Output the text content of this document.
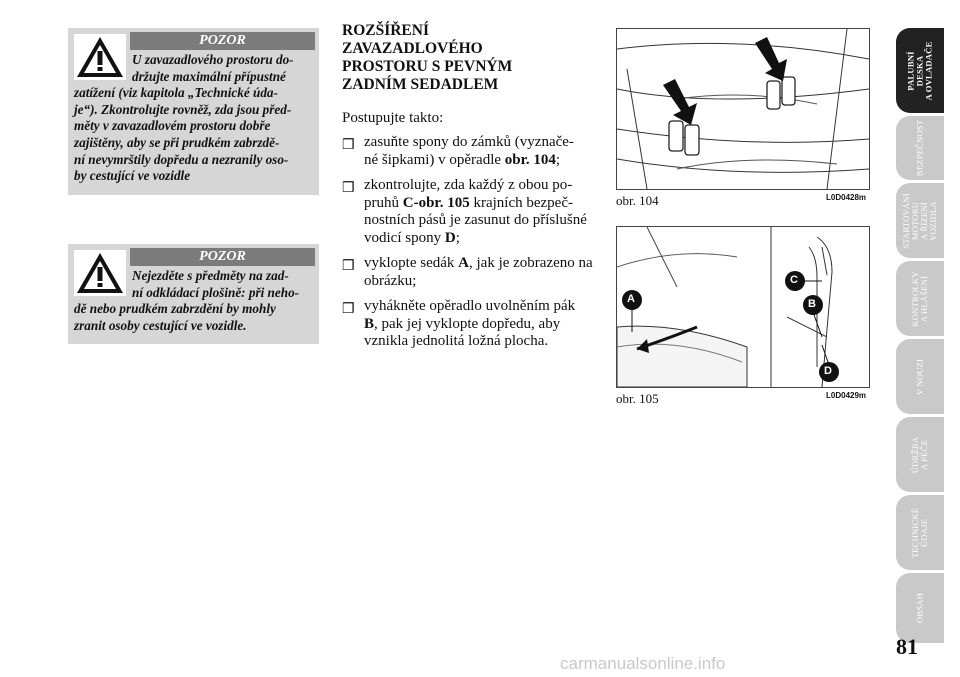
POZOR
U zavazadlového prostoru do-
držujte maximální přípustné
zatížení (viz kapitola „Technické úda-
je“). Zkontrolujte rovněž, zda jsou před-
měty v zavazadlovém prostoru dobře
zajištěny, aby se při prudkém zabrzdě-
ní nevymrštily dopředu a nezranily oso-
by cestující ve vozidle
POZOR
Nejezděte s předměty na zad-
ní odkládací plošině: při neho-
dě nebo prudkém zabrzdění by mohly
zranit osoby cestující ve vozidle.
ROZŠÍŘENÍ
ZAVAZADLOVÉHO
PROSTORU S PEVNÝM
ZADNÍM SEDADLEM
Postupujte takto:
❒ zasuňte spony do zámků (vyznače-
né šipkami) v opěradle obr. 104;
❒ zkontrolujte, zda každý z obou po-
pruhů C-obr. 105 krajních bezpeč-
nostních pásů je zasunut do příslušné
vodicí spony D;
❒ vyklopte sedák A, jak je zobrazeno na
obrázku;
❒ vyhákněte opěradlo uvolněním pák
B, pak jej vyklopte dopředu, aby
vznikla jednolitá ložná plocha.
obr. 104	L0D0428m
A
C
B
D
obr. 105	L0D0429m
PALUBNÍ DESKA A OVLADAČE
BEZPEČNOST
STARTOVÁNÍ MOTORU A ŘÍZENÍ VOZIDLA
KONTROLKY A HLÁŠENÍ
V NOUZI
ÚDRŽBA A PÉČE
TECHNICKÉ ÚDAJE
OBSAH
81
carmanualsonline.info
